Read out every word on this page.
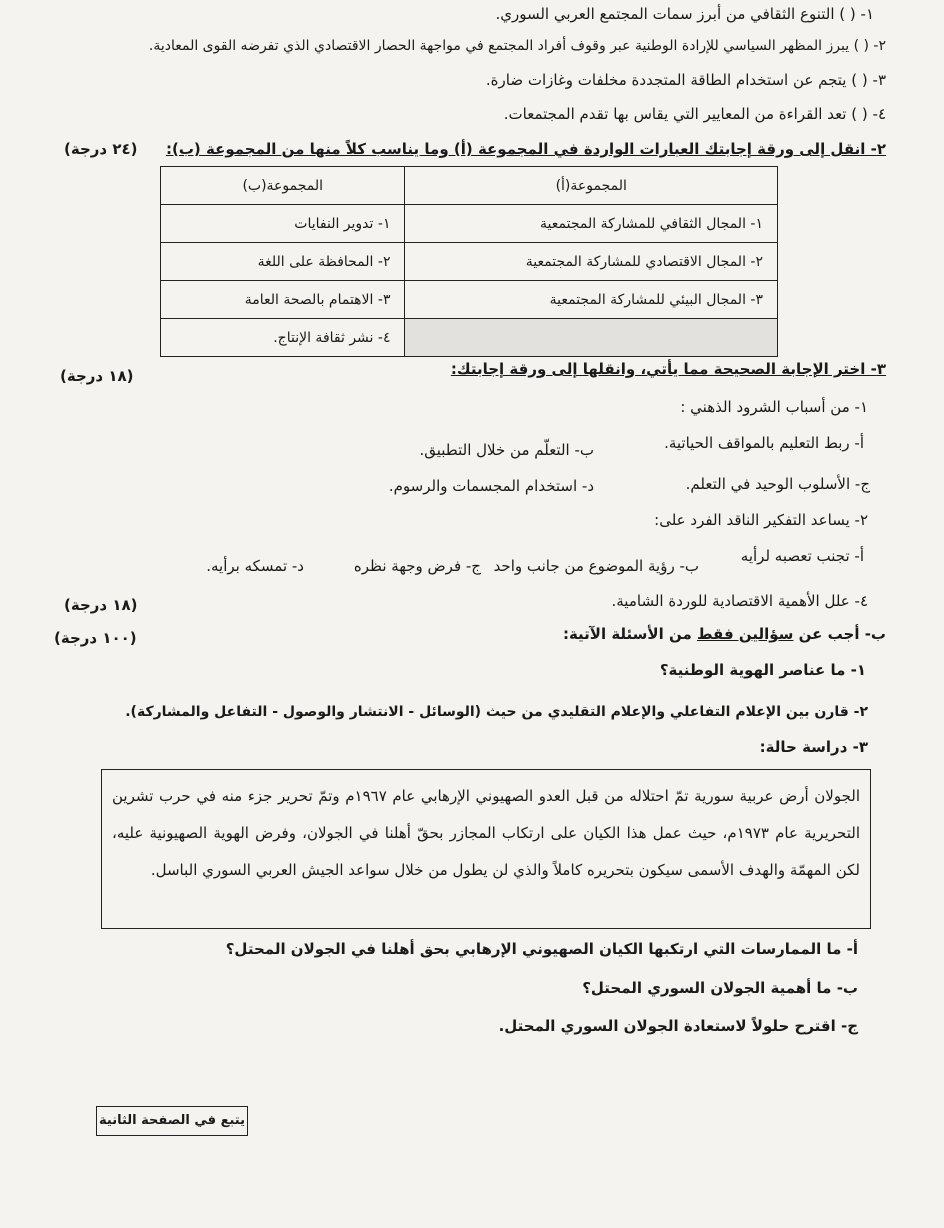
١- ( ) التنوع الثقافي من أبرز سمات المجتمع العربي السوري.
٢- ( ) يبرز المظهر السياسي للإرادة الوطنية عبر وقوف أفراد المجتمع في مواجهة الحصار الاقتصادي الذي تفرضه القوى المعادية.
٣- ( ) يتجم عن استخدام الطاقة المتجددة مخلفات وغازات ضارة.
٤- ( ) تعد القراءة من المعايير التي يقاس بها تقدم المجتمعات.
٢- انقل إلى ورقة إجابتك العبارات الواردة في المجموعة (أ) وما يناسب كلاً منها من المجموعة (ب):
(٢٤ درجة)
المجموعة(أ)	المجموعة(ب)
١- المجال الثقافي للمشاركة المجتمعية	١- تدوير النفايات
٢- المجال الاقتصادي للمشاركة المجتمعية	٢- المحافظة على اللغة
٣- المجال البيئي للمشاركة المجتمعية	٣- الاهتمام بالصحة العامة
	٤- نشر ثقافة الإنتاج.
٣- اختر الإجابة الصحيحة مما يأتي، وانقلها إلى ورقة إجابتك:
(١٨ درجة)
١- من أسباب الشرود الذهني :
أ- ربط التعليم بالمواقف الحياتية.
ب- التعلّم من خلال التطبيق.
ج- الأسلوب الوحيد في التعلم.
د- استخدام المجسمات والرسوم.
٢- يساعد التفكير الناقد الفرد على:
أ- تجنب تعصبه لرأيه
ب- رؤية الموضوع من جانب واحد
ج- فرض وجهة نظره
د- تمسكه برأيه.
٤- علل الأهمية الاقتصادية للوردة الشامية.
(١٨ درجة)
ب- أجب عن سؤالين فقط من الأسئلة الآتية:
(١٠٠ درجة)
١- ما عناصر الهوية الوطنية؟
٢- قارن بين الإعلام التفاعلي والإعلام التقليدي من حيث (الوسائل - الانتشار والوصول - التفاعل والمشاركة).
٣- دراسة حالة:
الجولان أرض عربية سورية تمّ احتلاله من قبل العدو الصهيوني الإرهابي عام ١٩٦٧م وتمّ تحرير جزء منه في حرب تشرين التحريرية عام ١٩٧٣م، حيث عمل هذا الكيان على ارتكاب المجازر بحقّ أهلنا في الجولان، وفرض الهوية الصهيونية عليه، لكن المهمّة والهدف الأسمى سيكون بتحريره كاملاً والذي لن يطول من خلال سواعد الجيش العربي السوري الباسل.
أ- ما الممارسات التي ارتكبها الكيان الصهيوني الإرهابي بحق أهلنا في الجولان المحتل؟
ب- ما أهمية الجولان السوري المحتل؟
ج- اقترح حلولاً لاستعادة الجولان السوري المحتل.
يتبع في الصفحة الثانية
